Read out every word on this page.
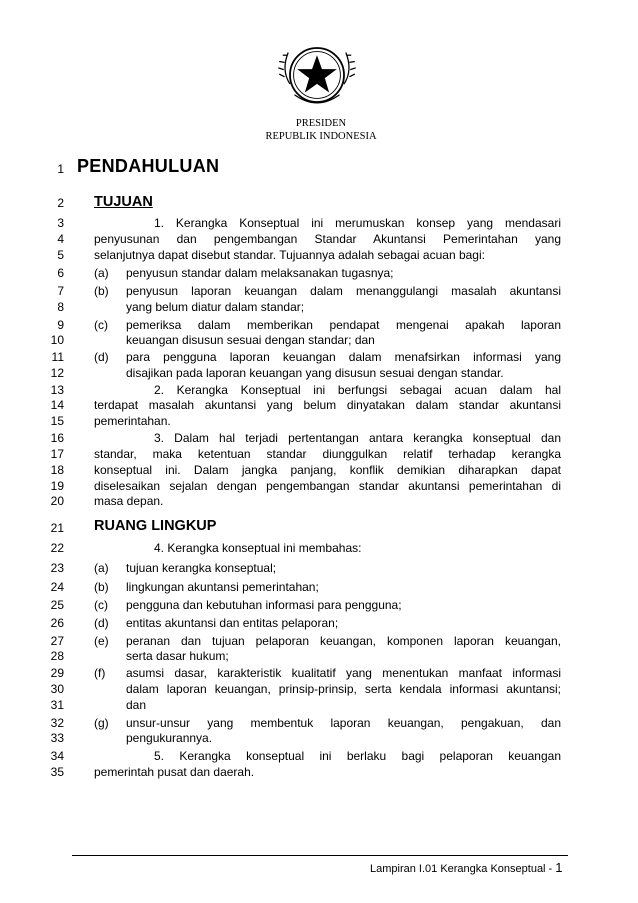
PRESIDEN
REPUBLIK INDONESIA
1
2
3
4
5
6
7
8
9
10
11
12
13
14
15
16
17
18
19
20
21
22
23
24
25
26
27
28
29
30
31
32
33
34
35
PENDAHULUAN
TUJUAN
1. Kerangka Konseptual ini merumuskan konsep yang mendasari
penyusunan dan pengembangan Standar Akuntansi Pemerintahan yang
selanjutnya dapat disebut standar. Tujuannya adalah sebagai acuan bagi:
(a) penyusun standar dalam melaksanakan tugasnya;
(b) penyusun laporan keuangan dalam menanggulangi masalah akuntansi
yang belum diatur dalam standar;
(c) pemeriksa dalam memberikan pendapat mengenai apakah laporan
keuangan disusun sesuai dengan standar; dan
(d) para pengguna laporan keuangan dalam menafsirkan informasi yang
disajikan pada laporan keuangan yang disusun sesuai dengan standar.
2. Kerangka Konseptual ini berfungsi sebagai acuan dalam hal
terdapat masalah akuntansi yang belum dinyatakan dalam standar akuntansi
pemerintahan.
3. Dalam hal terjadi pertentangan antara kerangka konseptual dan
standar, maka ketentuan standar diunggulkan relatif terhadap kerangka
konseptual ini. Dalam jangka panjang, konflik demikian diharapkan dapat
diselesaikan sejalan dengan pengembangan standar akuntansi pemerintahan di
masa depan.
RUANG LINGKUP
4. Kerangka konseptual ini membahas:
(a) tujuan kerangka konseptual;
(b) lingkungan akuntansi pemerintahan;
(c) pengguna dan kebutuhan informasi para pengguna;
(d) entitas akuntansi dan entitas pelaporan;
(e) peranan dan tujuan pelaporan keuangan, komponen laporan keuangan,
serta dasar hukum;
(f) asumsi dasar, karakteristik kualitatif yang menentukan manfaat informasi
dalam laporan keuangan, prinsip-prinsip, serta kendala informasi akuntansi;
dan
(g) unsur-unsur yang membentuk laporan keuangan, pengakuan, dan
pengukurannya.
5. Kerangka konseptual ini berlaku bagi pelaporan keuangan
pemerintah pusat dan daerah.
Lampiran I.01 Kerangka Konseptual - 1
